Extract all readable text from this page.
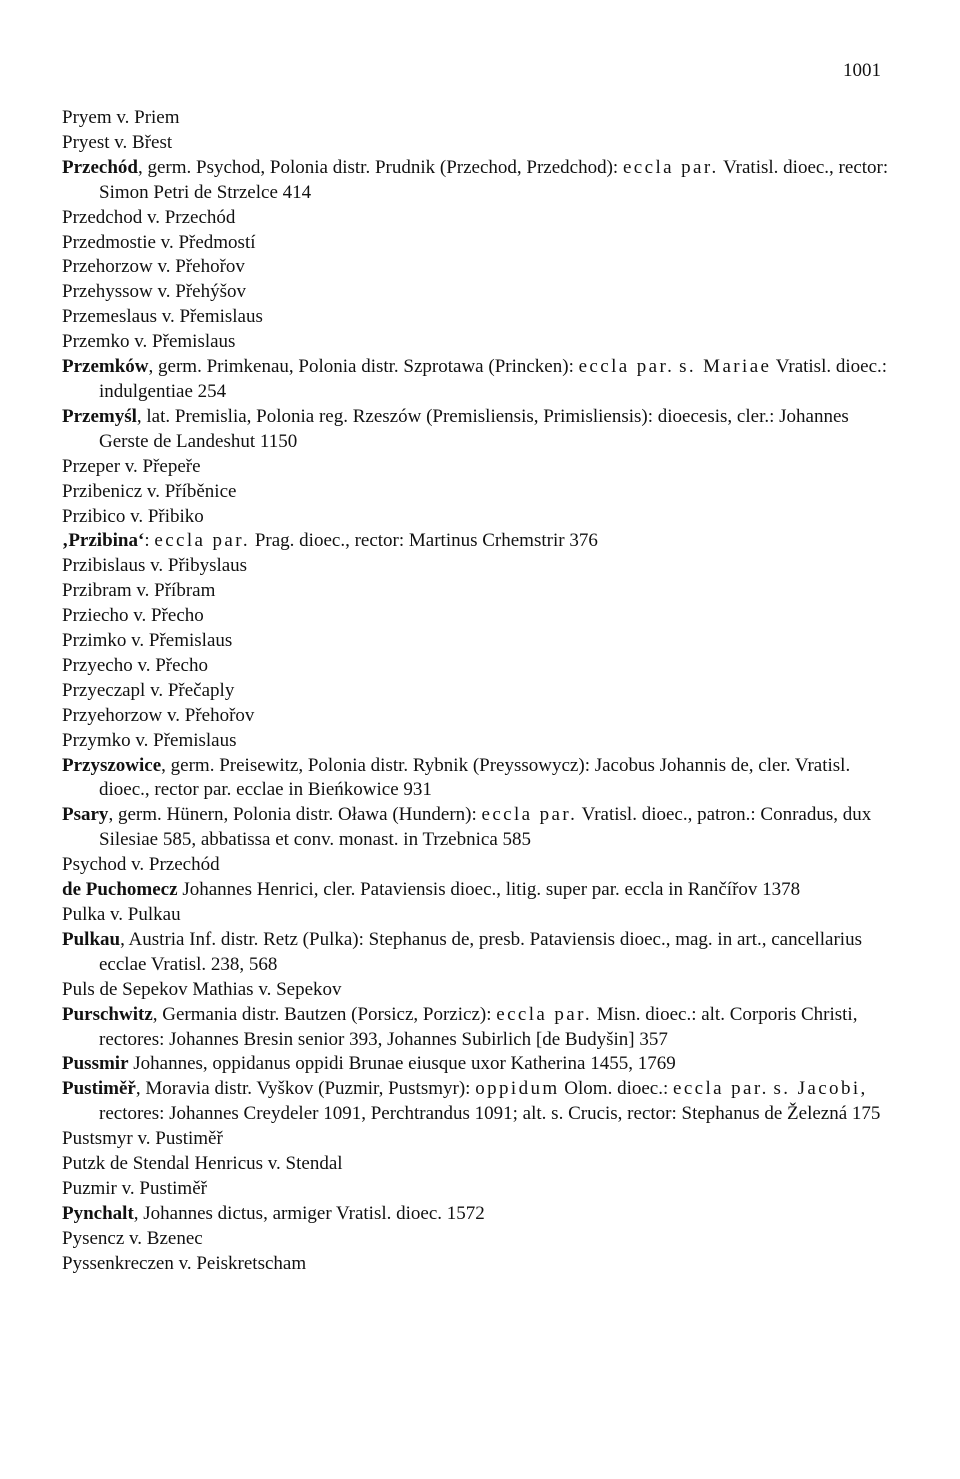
1001
Pryem v. Priem
Pryest v. Břest
Przechód, germ. Psychod, Polonia distr. Prudnik (Przechod, Przedchod): eccla par. Vratisl. dioec., rector: Simon Petri de Strzelce 414
Przedchod v. Przechód
Przedmostie v. Předmostí
Przehorzow v. Přehořov
Przehyssow v. Přehýšov
Przemeslaus v. Přemislaus
Przemko v. Přemislaus
Przemków, germ. Primkenau, Polonia distr. Szprotawa (Princken): eccla par. s. Mariae Vratisl. dioec.: indulgentiae 254
Przemyśl, lat. Premislia, Polonia reg. Rzeszów (Premisliensis, Primisliensis): dioecesis, cler.: Johannes Gerste de Landeshut 1150
Przeper v. Přepeře
Przibenicz v. Příběnice
Przibico v. Přibiko
‚Przibina‘: eccla par. Prag. dioec., rector: Martinus Crhemstrir 376
Przibislaus v. Přibyslaus
Przibram v. Příbram
Prziecho v. Přecho
Przimko v. Přemislaus
Przyecho v. Přecho
Przyeczapl v. Přečaply
Przyehorzow v. Přehořov
Przymko v. Přemislaus
Przyszowice, germ. Preisewitz, Polonia distr. Rybnik (Preyssowycz): Jacobus Johannis de, cler. Vratisl. dioec., rector par. ecclae in Bieńkowice 931
Psary, germ. Hünern, Polonia distr. Oława (Hundern): eccla par. Vratisl. dioec., patron.: Conradus, dux Silesiae 585, abbatissa et conv. monast. in Trzebnica 585
Psychod v. Przechód
de Puchomecz Johannes Henrici, cler. Pataviensis dioec., litig. super par. eccla in Rančířov 1378
Pulka v. Pulkau
Pulkau, Austria Inf. distr. Retz (Pulka): Stephanus de, presb. Pataviensis dioec., mag. in art., cancellarius ecclae Vratisl. 238, 568
Puls de Sepekov Mathias v. Sepekov
Purschwitz, Germania distr. Bautzen (Porsicz, Porzicz): eccla par. Misn. dioec.: alt. Corporis Christi, rectores: Johannes Bresin senior 393, Johannes Subirlich [de Budyšin] 357
Pussmir Johannes, oppidanus oppidi Brunae eiusque uxor Katherina 1455, 1769
Pustiměř, Moravia distr. Vyškov (Puzmir, Pustsmyr): oppidum Olom. dioec.: eccla par. s. Jacobi, rectores: Johannes Creydeler 1091, Perchtrandus 1091; alt. s. Crucis, rector: Stephanus de Železná 175
Pustsmyr v. Pustiměř
Putzk de Stendal Henricus v. Stendal
Puzmir v. Pustiměř
Pynchalt, Johannes dictus, armiger Vratisl. dioec. 1572
Pysencz v. Bzenec
Pyssenkreczen v. Peiskretscham
